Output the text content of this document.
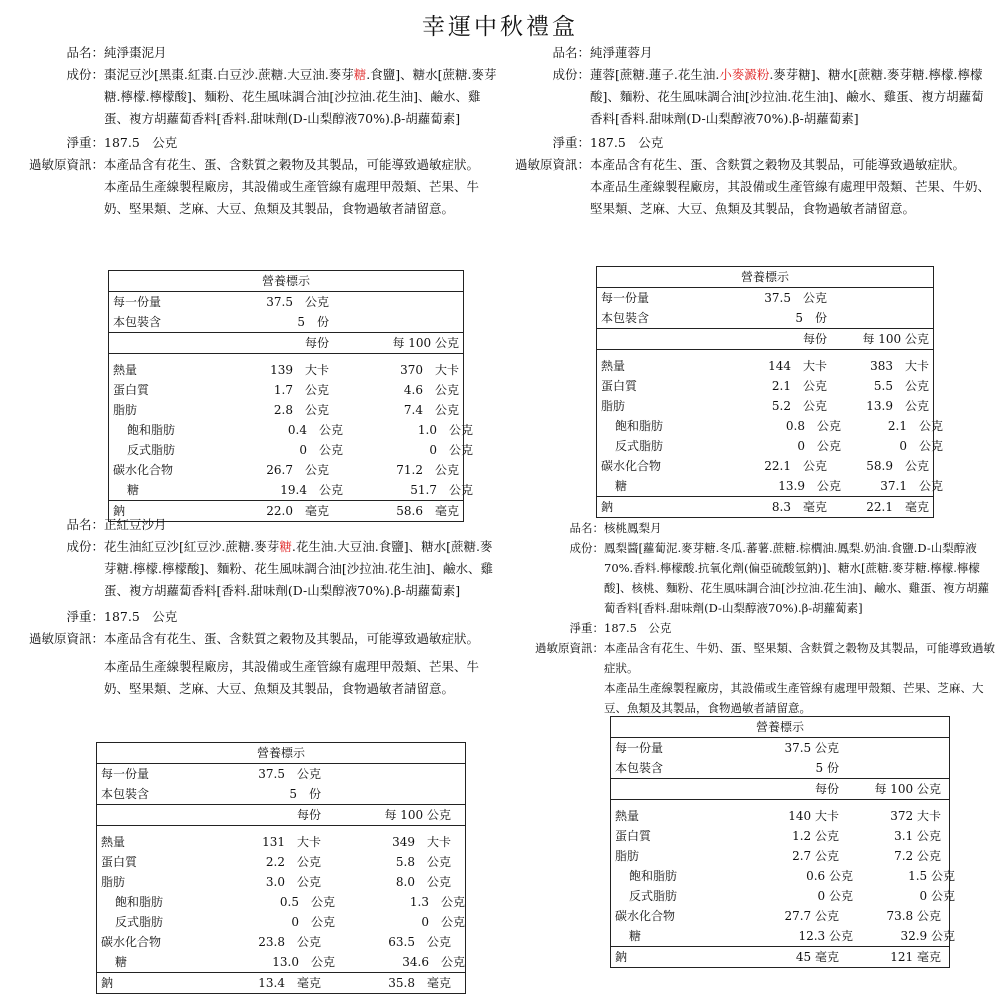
幸運中秋禮盒
品名： 純淨棗泥月
成份： 棗泥豆沙[黑棗.紅棗.白豆沙.蔗糖.大豆油.麥芽糖.食鹽]、糖水[蔗糖.麥芽糖.檸檬.檸檬酸]、麵粉、花生風味調合油[沙拉油.花生油]、鹼水、雞蛋、複方胡蘿蔔香料[香料.甜味劑(D-山梨醇液70%).β-胡蘿蔔素]
淨重： 187.5　公克
過敏原資訊： 本產品含有花生、蛋、含麩質之穀物及其製品，可能導致過敏症狀。
本產品生產線製程廠房，其設備或生產管線有處理甲殼類、芒果、牛奶、堅果類、芝麻、大豆、魚類及其製品，食物過敏者請留意。
營養標示
每一份量	37.5　公克
本包裝含	5　份
每份	每 100 公克
熱量	139　大卡	370　大卡
蛋白質	1.7　公克	4.6　公克
脂肪	2.8　公克	7.4　公克
飽和脂肪	0.4　公克	1.0　公克
反式脂肪	0　公克	0　公克
碳水化合物	26.7　公克	71.2　公克
糖	19.4　公克	51.7　公克
鈉	22.0　毫克	58.6　毫克
品名： 純淨蓮蓉月
成份： 蓮蓉[蔗糖.蓮子.花生油.小麥澱粉.麥芽糖]、糖水[蔗糖.麥芽糖.檸檬.檸檬酸]、麵粉、花生風味調合油[沙拉油.花生油]、鹼水、雞蛋、複方胡蘿蔔香料[香料.甜味劑(D-山梨醇液70%).β-胡蘿蔔素]
淨重： 187.5　公克
過敏原資訊： 本產品含有花生、蛋、含麩質之穀物及其製品，可能導致過敏症狀。
本產品生產線製程廠房，其設備或生產管線有處理甲殼類、芒果、牛奶、堅果類、芝麻、大豆、魚類及其製品，食物過敏者請留意。
營養標示
每一份量	37.5　公克
本包裝含	5　份
每份	每 100 公克
熱量	144　大卡	383　大卡
蛋白質	2.1　公克	5.5　公克
脂肪	5.2　公克	13.9　公克
飽和脂肪	0.8　公克	2.1　公克
反式脂肪	0　公克	0　公克
碳水化合物	22.1　公克	58.9　公克
糖	13.9　公克	37.1　公克
鈉	8.3　毫克	22.1　毫克
品名： 正紅豆沙月
成份： 花生油紅豆沙[紅豆沙.蔗糖.麥芽糖.花生油.大豆油.食鹽]、糖水[蔗糖.麥芽糖.檸檬.檸檬酸]、麵粉、花生風味調合油[沙拉油.花生油]、鹼水、雞蛋、複方胡蘿蔔香料[香料.甜味劑(D-山梨醇液70%).β-胡蘿蔔素]
淨重： 187.5　公克
過敏原資訊： 本產品含有花生、蛋、含麩質之穀物及其製品，可能導致過敏症狀。
本產品生產線製程廠房，其設備或生產管線有處理甲殼類、芒果、牛奶、堅果類、芝麻、大豆、魚類及其製品，食物過敏者請留意。
營養標示
每一份量	37.5　公克
本包裝含	5　份
每份	每 100 公克
熱量	131　大卡	349　大卡
蛋白質	2.2　公克	5.8　公克
脂肪	3.0　公克	8.0　公克
飽和脂肪	0.5　公克	1.3　公克
反式脂肪	0　公克	0　公克
碳水化合物	23.8　公克	63.5　公克
糖	13.0　公克	34.6　公克
鈉	13.4　毫克	35.8　毫克
品名： 核桃鳳梨月
成份： 鳳梨醬[蘿蔔泥.麥芽糖.冬瓜.蕃薯.蔗糖.棕櫚油.鳳梨.奶油.食鹽.D-山梨醇液70%.香料.檸檬酸.抗氧化劑(偏亞硫酸氫鈉)]、糖水[蔗糖.麥芽糖.檸檬.檸檬酸]、核桃、麵粉、花生風味調合油[沙拉油.花生油]、鹼水、雞蛋、複方胡蘿蔔香料[香料.甜味劑(D-山梨醇液70%).β-胡蘿蔔素]
淨重： 187.5　公克
過敏原資訊： 本產品含有花生、牛奶、蛋、堅果類、含麩質之穀物及其製品，可能導致過敏症狀。
本產品生產線製程廠房，其設備或生產管線有處理甲殼類、芒果、芝麻、大豆、魚類及其製品，食物過敏者請留意。
營養標示
每一份量	37.5 公克
本包裝含	5 份
每份	每 100 公克
熱量	140 大卡	372 大卡
蛋白質	1.2 公克	3.1 公克
脂肪	2.7 公克	7.2 公克
飽和脂肪	0.6 公克	1.5 公克
反式脂肪	0 公克	0 公克
碳水化合物	27.7 公克	73.8 公克
糖	12.3 公克	32.9 公克
鈉	45 毫克	121 毫克
